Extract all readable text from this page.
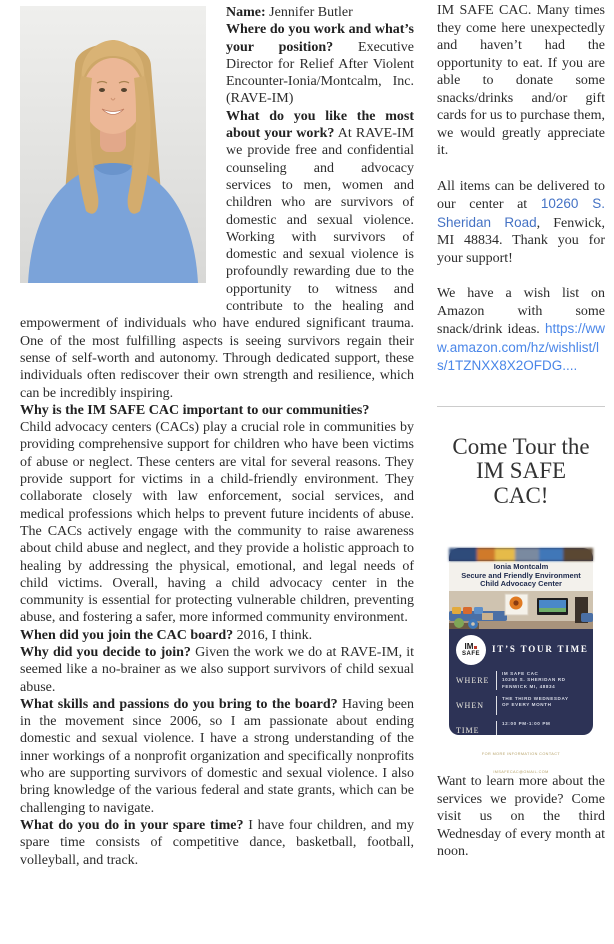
Name: Jennifer Butler

Where do you work and what’s your position? Executive Director for Relief After Violent Encounter-Ionia/Montcalm, Inc. (RAVE-IM)

What do you like the most about your work? At RAVE-IM we provide free and confidential counseling and advocacy services to men, women and children who are survivors of domestic and sexual violence. Working with survivors of domestic and sexual violence is profoundly rewarding due to the opportunity to witness and contribute to the healing and empowerment of individuals who have endured significant trauma. One of the most fulfilling aspects is seeing survivors regain their sense of self-worth and autonomy. Through dedicated support, these individuals often rediscover their own strength and resilience, which can be incredibly inspiring.

Why is the IM SAFE CAC important to our communities?
Child advocacy centers (CACs) play a crucial role in communities by providing comprehensive support for children who have been victims of abuse or neglect. These centers are vital for several reasons. They provide support for victims in a child-friendly environment. They collaborate closely with law enforcement, social services, and medical professions which helps to prevent future incidents of abuse. The CACs actively engage with the community to raise awareness about child abuse and neglect, and they provide a holistic approach to healing by addressing the physical, emotional, and legal needs of child victims. Overall, having a child advocacy center in the community is essential for protecting vulnerable children, preventing abuse, and fostering a safer, more informed community environment.

When did you join the CAC board? 2016, I think.

Why did you decide to join? Given the work we do at RAVE-IM, it seemed like a no-brainer as we also support survivors of child sexual abuse.

What skills and passions do you bring to the board? Having been in the movement since 2006, so I am passionate about ending domestic and sexual violence. I have a strong understanding of the inner workings of a nonprofit organization and specifically nonprofits who are supporting survivors of domestic and sexual violence. I also bring knowledge of the various federal and state grants, which can be challenging to navigate.

What do you do in your spare time? I have four children, and my spare time consists of competitive dance, basketball, football, volleyball, and track.

IM SAFE CAC. Many times they come here unexpectedly and haven’t had the opportunity to eat. If you are able to donate some snacks/drinks and/or gift cards for us to purchase them, we would greatly appreciate it.

All items can be delivered to our center at 10260 S. Sheridan Road, Fenwick, MI 48834. Thank you for your support!

We have a wish list on Amazon with some snack/drink ideas. https://www.amazon.com/hz/wishlist/ls/1TZNXX8X2OFDG....

Come Tour the
IM SAFE
CAC!
Ionia Montcalm
Secure and Friendly Environment
Child Advocacy Center
IM
SAFE IT’S TOUR TIME
WHERE
IM SAFE CAC
10260 S. SHERIDAN RD
FENWICK MI, 48834
WHEN
THE THIRD WEDNESDAY
OF EVERY MONTH
TIME
12:00 PM-1:00 PM
FOR MORE INFORMATION CONTACT IMSAFECAC@GMAIL.COM

Want to learn more about the services we provide? Come visit us on the third Wednesday of every month at noon.
